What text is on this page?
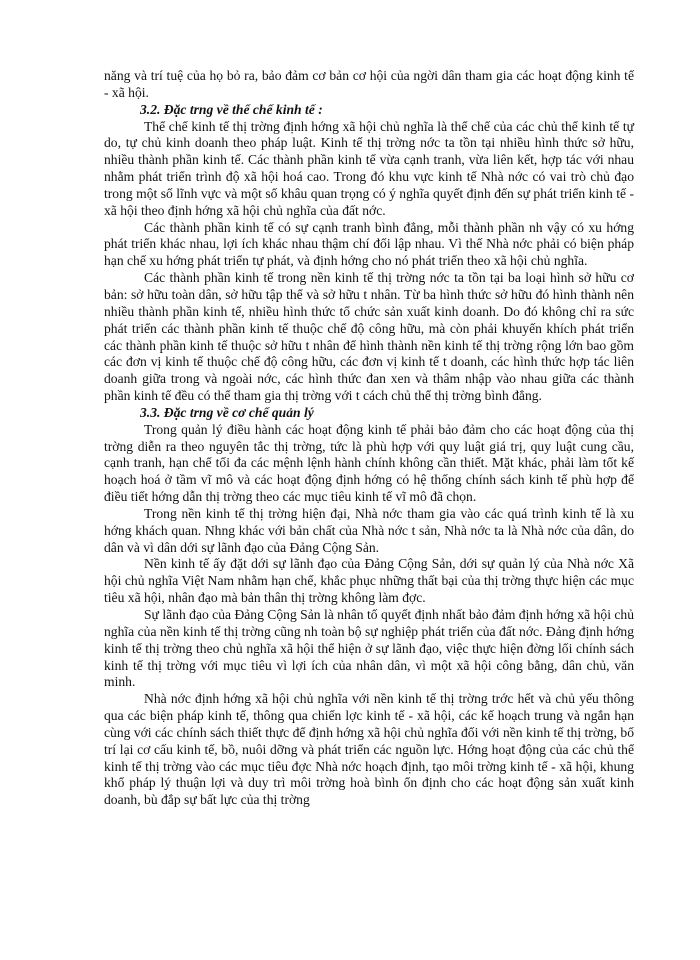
năng và trí tuệ của họ bỏ ra, bảo đảm cơ bản cơ hội của ngời dân tham gia các hoạt động kinh tế - xã hội.

3.2. Đặc trng về thể chế kinh tế :

Thể chế kinh tế thị trờng định hớng xã hội chủ nghĩa là thể chế của các chủ thể kinh tế tự do, tự chủ kinh doanh theo pháp luật. Kinh tế thị trờng nớc ta tồn tại nhiều hình thức sở hữu, nhiều thành phần kinh tế. Các thành phần kinh tế vừa cạnh tranh, vừa liên kết, hợp tác với nhau nhằm phát triển trình độ xã hội hoá cao. Trong đó khu vực kinh tế Nhà nớc có vai trò chủ đạo trong một số lĩnh vực và một số khâu quan trọng có ý nghĩa quyết định đến sự phát triển kinh tế - xã hội theo định hớng xã hội chủ nghĩa của đất nớc.

Các thành phần kinh tế có sự cạnh tranh bình đẳng, mỗi thành phần nh vậy có xu hớng phát triển khác nhau, lợi ích khác nhau thậm chí đối lập nhau. Vì thế Nhà nớc phải có biện pháp hạn chế xu hớng phát triển tự phát, và định hớng cho nó phát triển theo xã hội chủ nghĩa.

Các thành phần kinh tế trong nền kinh tế thị trờng nớc ta tồn tại ba loại hình sở hữu cơ bản: sở hữu toàn dân, sở hữu tập thể và sở hữu t nhân. Từ ba hình thức sở hữu đó hình thành nên nhiều thành phần kinh tế, nhiều hình thức tổ chức sản xuất kinh doanh. Do đó không chỉ ra sức phát triển các thành phần kinh tế thuộc chế độ công hữu, mà còn phải khuyến khích phát triển các thành phần kinh tế thuộc sở hữu t nhân để hình thành nền kinh tế thị trờng rộng lớn bao gồm các đơn vị kinh tế thuộc chế độ công hữu, các đơn vị kinh tế t doanh, các hình thức hợp tác liên doanh giữa trong và ngoài nớc, các hình thức đan xen và thâm nhập vào nhau giữa các thành phần kinh tế đều có thể tham gia thị trờng với t cách chủ thể thị trờng bình đẳng.

3.3. Đặc trng về cơ chế quản lý

Trong quản lý điều hành các hoạt động kinh tế phải bảo đảm cho các hoạt động của thị trờng diễn ra theo nguyên tắc thị trờng, tức là phù hợp với quy luật giá trị, quy luật cung cầu, cạnh tranh, hạn chế tối đa các mệnh lệnh hành chính không cần thiết. Mặt khác, phải làm tốt kế hoạch hoá ở tầm vĩ mô và các hoạt động định hớng có hệ thống chính sách kinh tế phù hợp để điều tiết hớng dẫn thị trờng theo các mục tiêu kinh tế vĩ mô đã chọn.

Trong nền kinh tế thị trờng hiện đại, Nhà nớc tham gia vào các quá trình kinh tế là xu hớng khách quan. Nhng khác với bản chất của Nhà nớc t sản, Nhà nớc ta là Nhà nớc của dân, do dân và vì dân dới sự lãnh đạo của Đảng Cộng Sản.

Nền kinh tế ấy đặt dới sự lãnh đạo của Đảng Cộng Sản, dới sự quản lý của Nhà nớc Xã hội chủ nghĩa Việt Nam nhằm hạn chế, khắc phục những thất bại của thị trờng thực hiện các mục tiêu xã hội, nhân đạo mà bản thân thị trờng không làm đợc.

Sự lãnh đạo của Đảng Cộng Sản là nhân tố quyết định nhất bảo đảm định hớng xã hội chủ nghĩa của nền kinh tế thị trờng cũng nh toàn bộ sự nghiệp phát triển của đất nớc. Đảng định hớng kinh tế thị trờng theo chủ nghĩa xã hội thể hiện ở sự lãnh đạo, việc thực hiện đờng lối chính sách kinh tế thị trờng với mục tiêu vì lợi ích của nhân dân, vì một xã hội công bằng, dân chủ, văn minh.

Nhà nớc định hớng xã hội chủ nghĩa với nền kinh tế thị trờng trớc hết và chủ yếu thông qua các biện pháp kinh tế, thông qua chiến lợc kinh tế - xã hội, các kế hoạch trung và ngắn hạn cùng với các chính sách thiết thực để định hớng xã hội chủ nghĩa đối với nền kinh tế thị trờng, bố trí lại cơ cấu kinh tế, bồ, nuôi dỡng và phát triển các nguồn lực. Hớng hoạt động của các chủ thể kinh tế thị trờng vào các mục tiêu đợc Nhà nớc hoạch định, tạo môi trờng kinh tế - xã hội, khung khổ pháp lý thuận lợi và duy trì môi trờng hoà bình ổn định cho các hoạt động sản xuất kinh doanh, bù đắp sự bất lực của thị trờng
